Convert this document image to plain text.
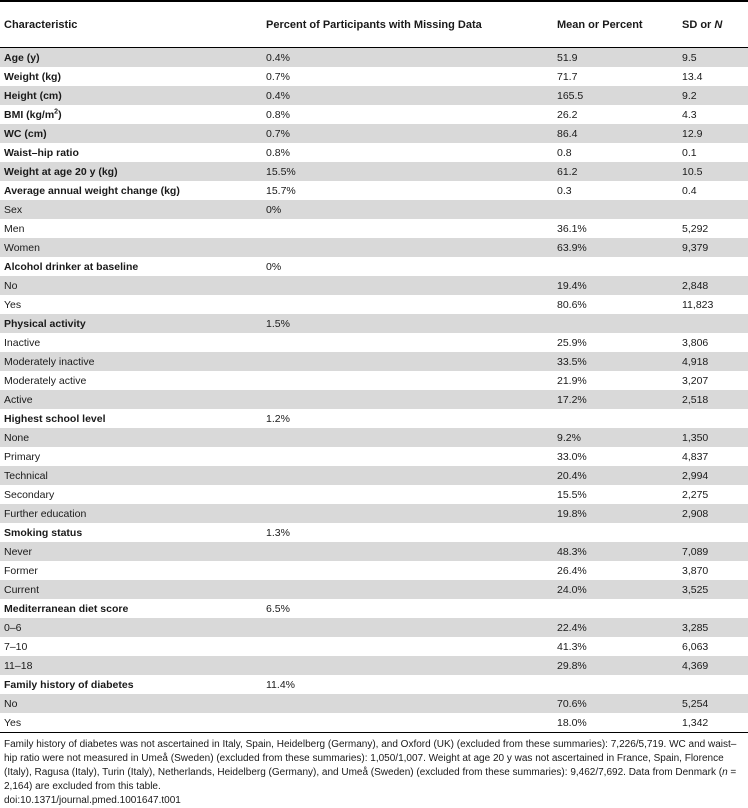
Characteristic	Percent of Participants with Missing Data	Mean or Percent	SD or N
Age (y)	0.4%	51.9	9.5
Weight (kg)	0.7%	71.7	13.4
Height (cm)	0.4%	165.5	9.2
BMI $(kg/m^2)$	0.8%	26.2	4.3
WC (cm)	0.7%	86.4	12.9
Waist–hip ratio	0.8%	0.8	0.1
Weight at age 20 y (kg)	15.5%	61.2	10.5
Average annual weight change (kg)	15.7%	0.3	0.4
Sex	0%		
Men		36.1%	5,292
Women		63.9%	9,379
Alcohol drinker at baseline	0%		
No		19.4%	2,848
Yes		80.6%	11,823
Physical activity	1.5%		
Inactive		25.9%	3,806
Moderately inactive		33.5%	4,918
Moderately active		21.9%	3,207
Active		17.2%	2,518
Highest school level	1.2%		
None		9.2%	1,350
Primary		33.0%	4,837
Technical		20.4%	2,994
Secondary		15.5%	2,275
Further education		19.8%	2,908
Smoking status	1.3%		
Never		48.3%	7,089
Former		26.4%	3,870
Current		24.0%	3,525
Mediterranean diet score	6.5%		
0–6		22.4%	3,285
7–10		41.3%	6,063
11–18		29.8%	4,369
Family history of diabetes	11.4%		
No		70.6%	5,254
Yes		18.0%	1,342
Family history of diabetes was not ascertained in Italy, Spain, Heidelberg (Germany), and Oxford (UK) (excluded from these summaries): 7,226/5,719. WC and waist–hip ratio were not measured in Umeå (Sweden) (excluded from these summaries): 1,050/1,007. Weight at age 20 y was not ascertained in France, Spain, Florence (Italy), Ragusa (Italy), Turin (Italy), Netherlands, Heidelberg (Germany), and Umeå (Sweden) (excluded from these summaries): 9,462/7,692. Data from Denmark (n = 2,164) are excluded from this table.
doi:10.1371/journal.pmed.1001647.t001
